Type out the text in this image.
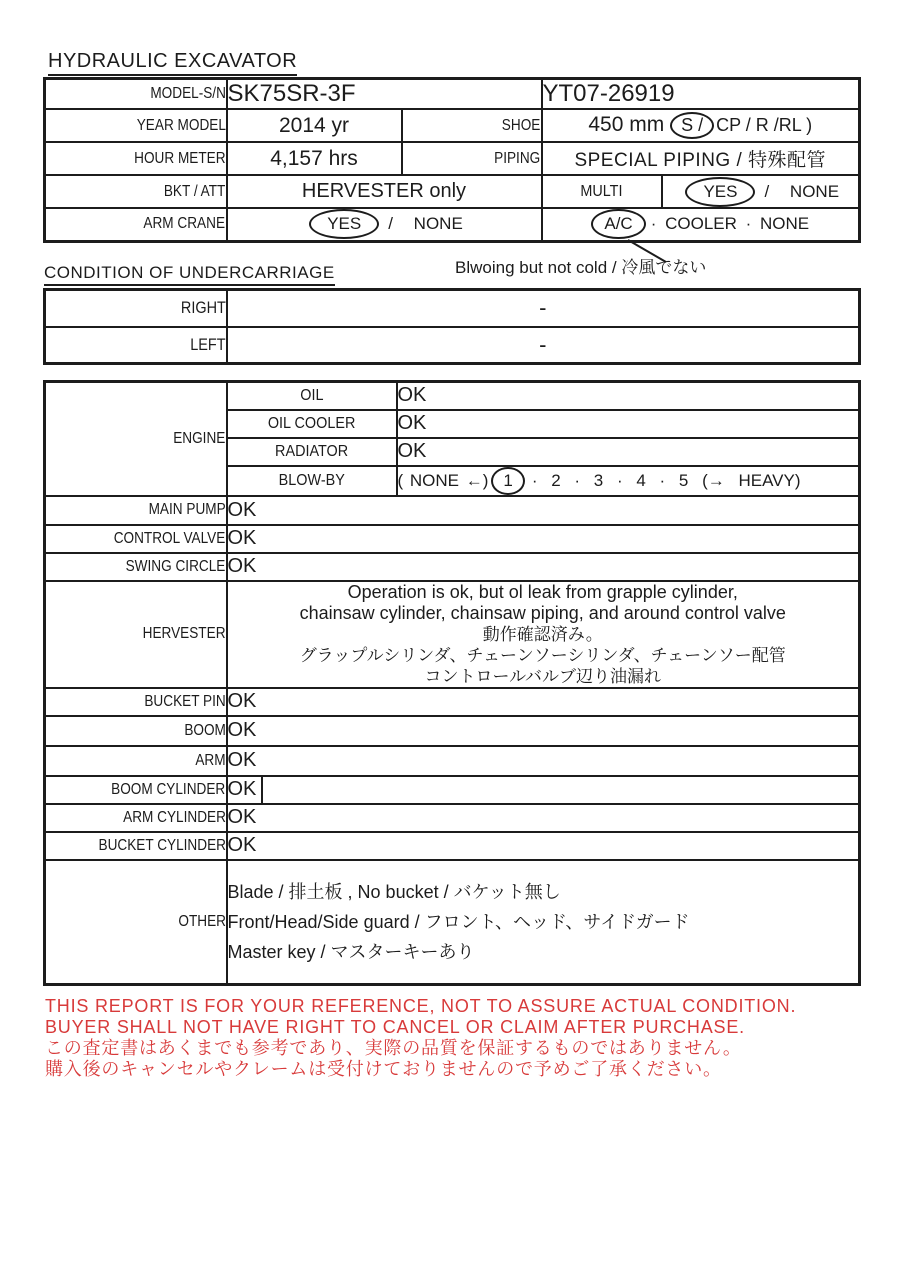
HYDRAULIC EXCAVATOR
MODEL-S/N	SK75SR-3F		YT07-26919	
YEAR MODEL	2014 yr	SHOE	450 mm S / CP / R /RL )	
HOUR METER	4,157 hrs	PIPING	SPECIAL PIPING / 特殊配管	
BKT / ATT	HERVESTER only		MULTI	YES / NONE
ARM CRANE	YES / NONE		A/C · COOLER · NONE	
Blwoing but not cold / 冷風でない
CONDITION OF UNDERCARRIAGE
RIGHT	-
LEFT	-
ENGINE	OIL	OK
	OIL COOLER	OK
	RADIATOR	OK
	BLOW-BY	( NONE ←) 1 · 2 · 3 · 4 · 5 (→ HEAVY)
MAIN PUMP	OK	
CONTROL VALVE	OK	
SWING CIRCLE	OK	
HERVESTER	Operation is ok, but ol leak from grapple cylinder,
chainsaw cylinder, chainsaw piping, and around control valve
動作確認済み。
グラップルシリンダ、チェーンソーシリンダ、チェーンソー配管
コントロールバルブ辺り油漏れ	

BUCKET PIN	OK	
BOOM	OK	
ARM	OK	
BOOM CYLINDER	OK	
ARM CYLINDER	OK	
BUCKET CYLINDER	OK	
OTHER	Blade / 排土板 , No bucket / バケット無し
Front/Head/Side guard / フロント、ヘッド、サイドガード
Master key / マスターキーあり	
THIS REPORT IS FOR YOUR REFERENCE, NOT TO ASSURE ACTUAL CONDITION.
BUYER SHALL NOT HAVE RIGHT TO CANCEL OR CLAIM AFTER PURCHASE.
この査定書はあくまでも参考であり、実際の品質を保証するものではありません。
購入後のキャンセルやクレームは受付けておりませんので予めご了承ください。
